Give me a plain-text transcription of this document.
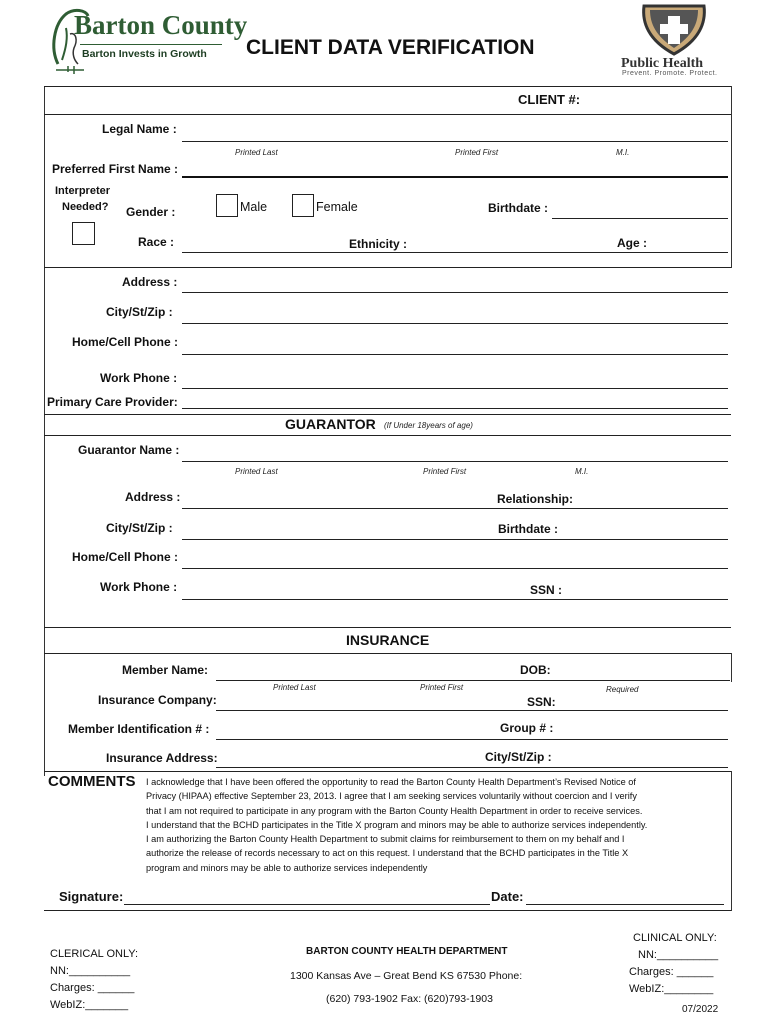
Barton County
Barton Invests in Growth CLIENT DATA VERIFICATION
Public Health
Prevent. Promote. Protect.
CLIENT #:
Legal Name :
Printed Last	Printed First	M.I.
Preferred First Name :
Interpreter
Needed? Gender :	Male	Female	Birthdate :
Race :	Ethnicity :	Age :
Address :
City/St/Zip :
Home/Cell Phone :
Work Phone :
Primary Care Provider:
GUARANTOR (If Under 18years of age)
Guarantor Name :
Printed Last	Printed First	M.I.
Address :	Relationship:
City/St/Zip :	Birthdate :
Home/Cell Phone :
Work Phone :	SSN :
INSURANCE
Member Name:	DOB:
Printed Last	Printed First	Required
Insurance Company:	SSN:
Member Identification # :	Group # :
Insurance Address:	City/St/Zip :
COMMENTS I acknowledge that I have been offered the opportunity to read the Barton County Health Department’s Revised Notice of
Privacy (HIPAA) effective September 23, 2013. I agree that I am seeking services voluntarily without coercion and I verify
that I am not required to participate in any program with the Barton County Health Department in order to receive services.
I understand that the BCHD participates in the Title X program and minors may be able to authorize services independently.
I am authorizing the Barton County Health Department to submit claims for reimbursement to them on my behalf and I
authorize the release of records necessary to act on this request. I understand that the BCHD participates in the Title X
program and minors may be able to authorize services independently
Signature:	Date:
CLERICAL ONLY:
NN:__________
Charges: ______
WebIZ:_______
BARTON COUNTY HEALTH DEPARTMENT
1300 Kansas Ave – Great Bend KS 67530 Phone:
(620) 793-1902 Fax: (620)793-1903
CLINICAL ONLY:
NN:__________
Charges: ______
WebIZ:________
07/2022
